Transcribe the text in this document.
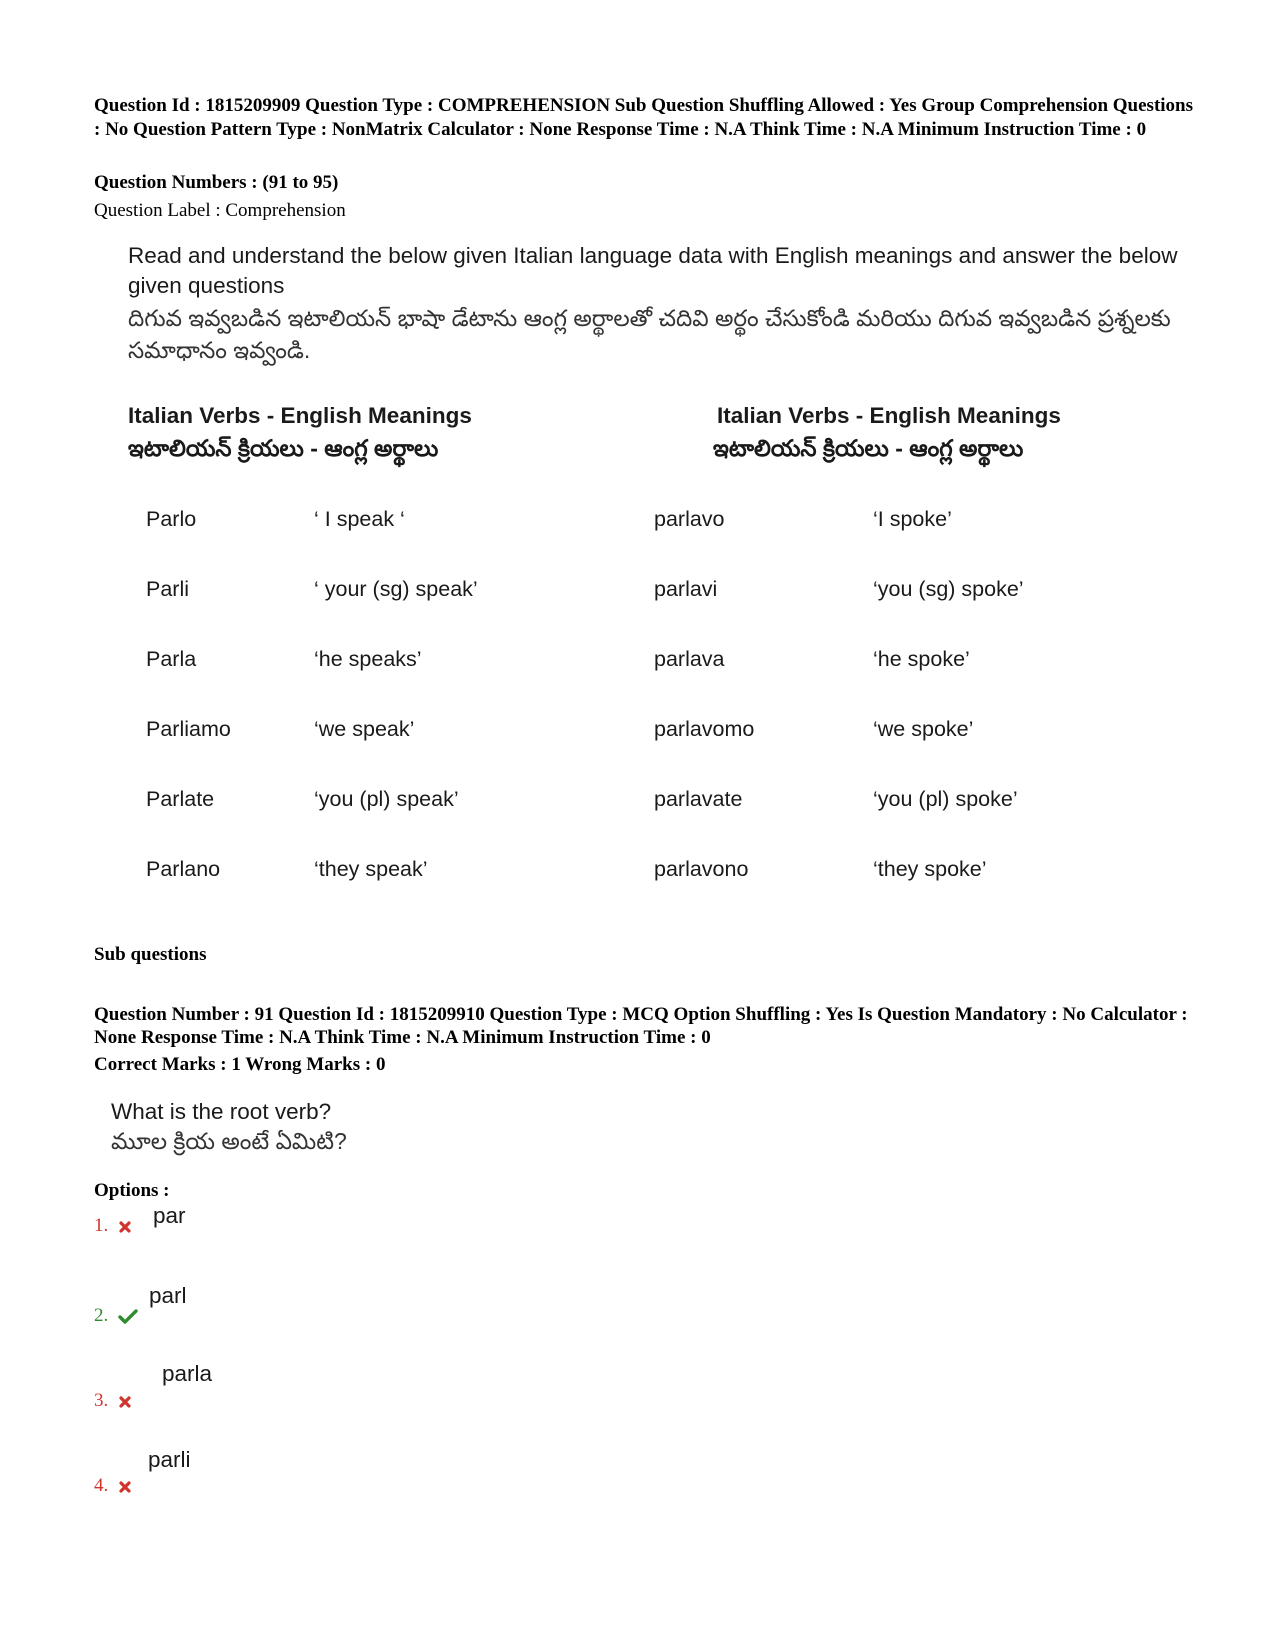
Question Id : 1815209909 Question Type : COMPREHENSION Sub Question Shuffling Allowed : Yes Group Comprehension Questions : No Question Pattern Type : NonMatrix Calculator : None Response Time : N.A Think Time : N.A Minimum Instruction Time : 0
Question Numbers : (91 to 95)
Question Label : Comprehension
Read and understand the below given Italian language data with English meanings and answer the below given questions
దిగువ ఇవ్వబడిన ఇటాలియన్ భాషా డేటాను ఆంగ్ల అర్థాలతో చదివి అర్థం చేసుకోండి మరియు దిగువ ఇవ్వబడిన ప్రశ్నలకు సమాధానం ఇవ్వండి.
Italian Verbs - English Meanings
ఇటాలియన్ క్రియలు - ఆంగ్ల అర్థాలు
Italian Verbs - English Meanings
ఇటాలియన్ క్రియలు - ఆంగ్ల అర్థాలు
Parlo	‘ I speak ‘	parlavo	‘I spoke’
Parli	‘ your (sg) speak’	parlavi	‘you (sg) spoke’
Parla	‘he speaks’	parlava	‘he spoke’
Parliamo	‘we speak’	parlavomo	‘we spoke’
Parlate	‘you (pl) speak’	parlavate	‘you (pl) spoke’
Parlano	‘they speak’	parlavono	‘they spoke’
Sub questions
Question Number : 91 Question Id : 1815209910 Question Type : MCQ Option Shuffling : Yes Is Question Mandatory : No Calculator : None Response Time : N.A Think Time : N.A Minimum Instruction Time : 0
Correct Marks : 1 Wrong Marks : 0
What is the root verb?
మూల క్రియ అంటే ఏమిటి?
Options :
1.	par
2.
parl
3.
parla
4.
parli
